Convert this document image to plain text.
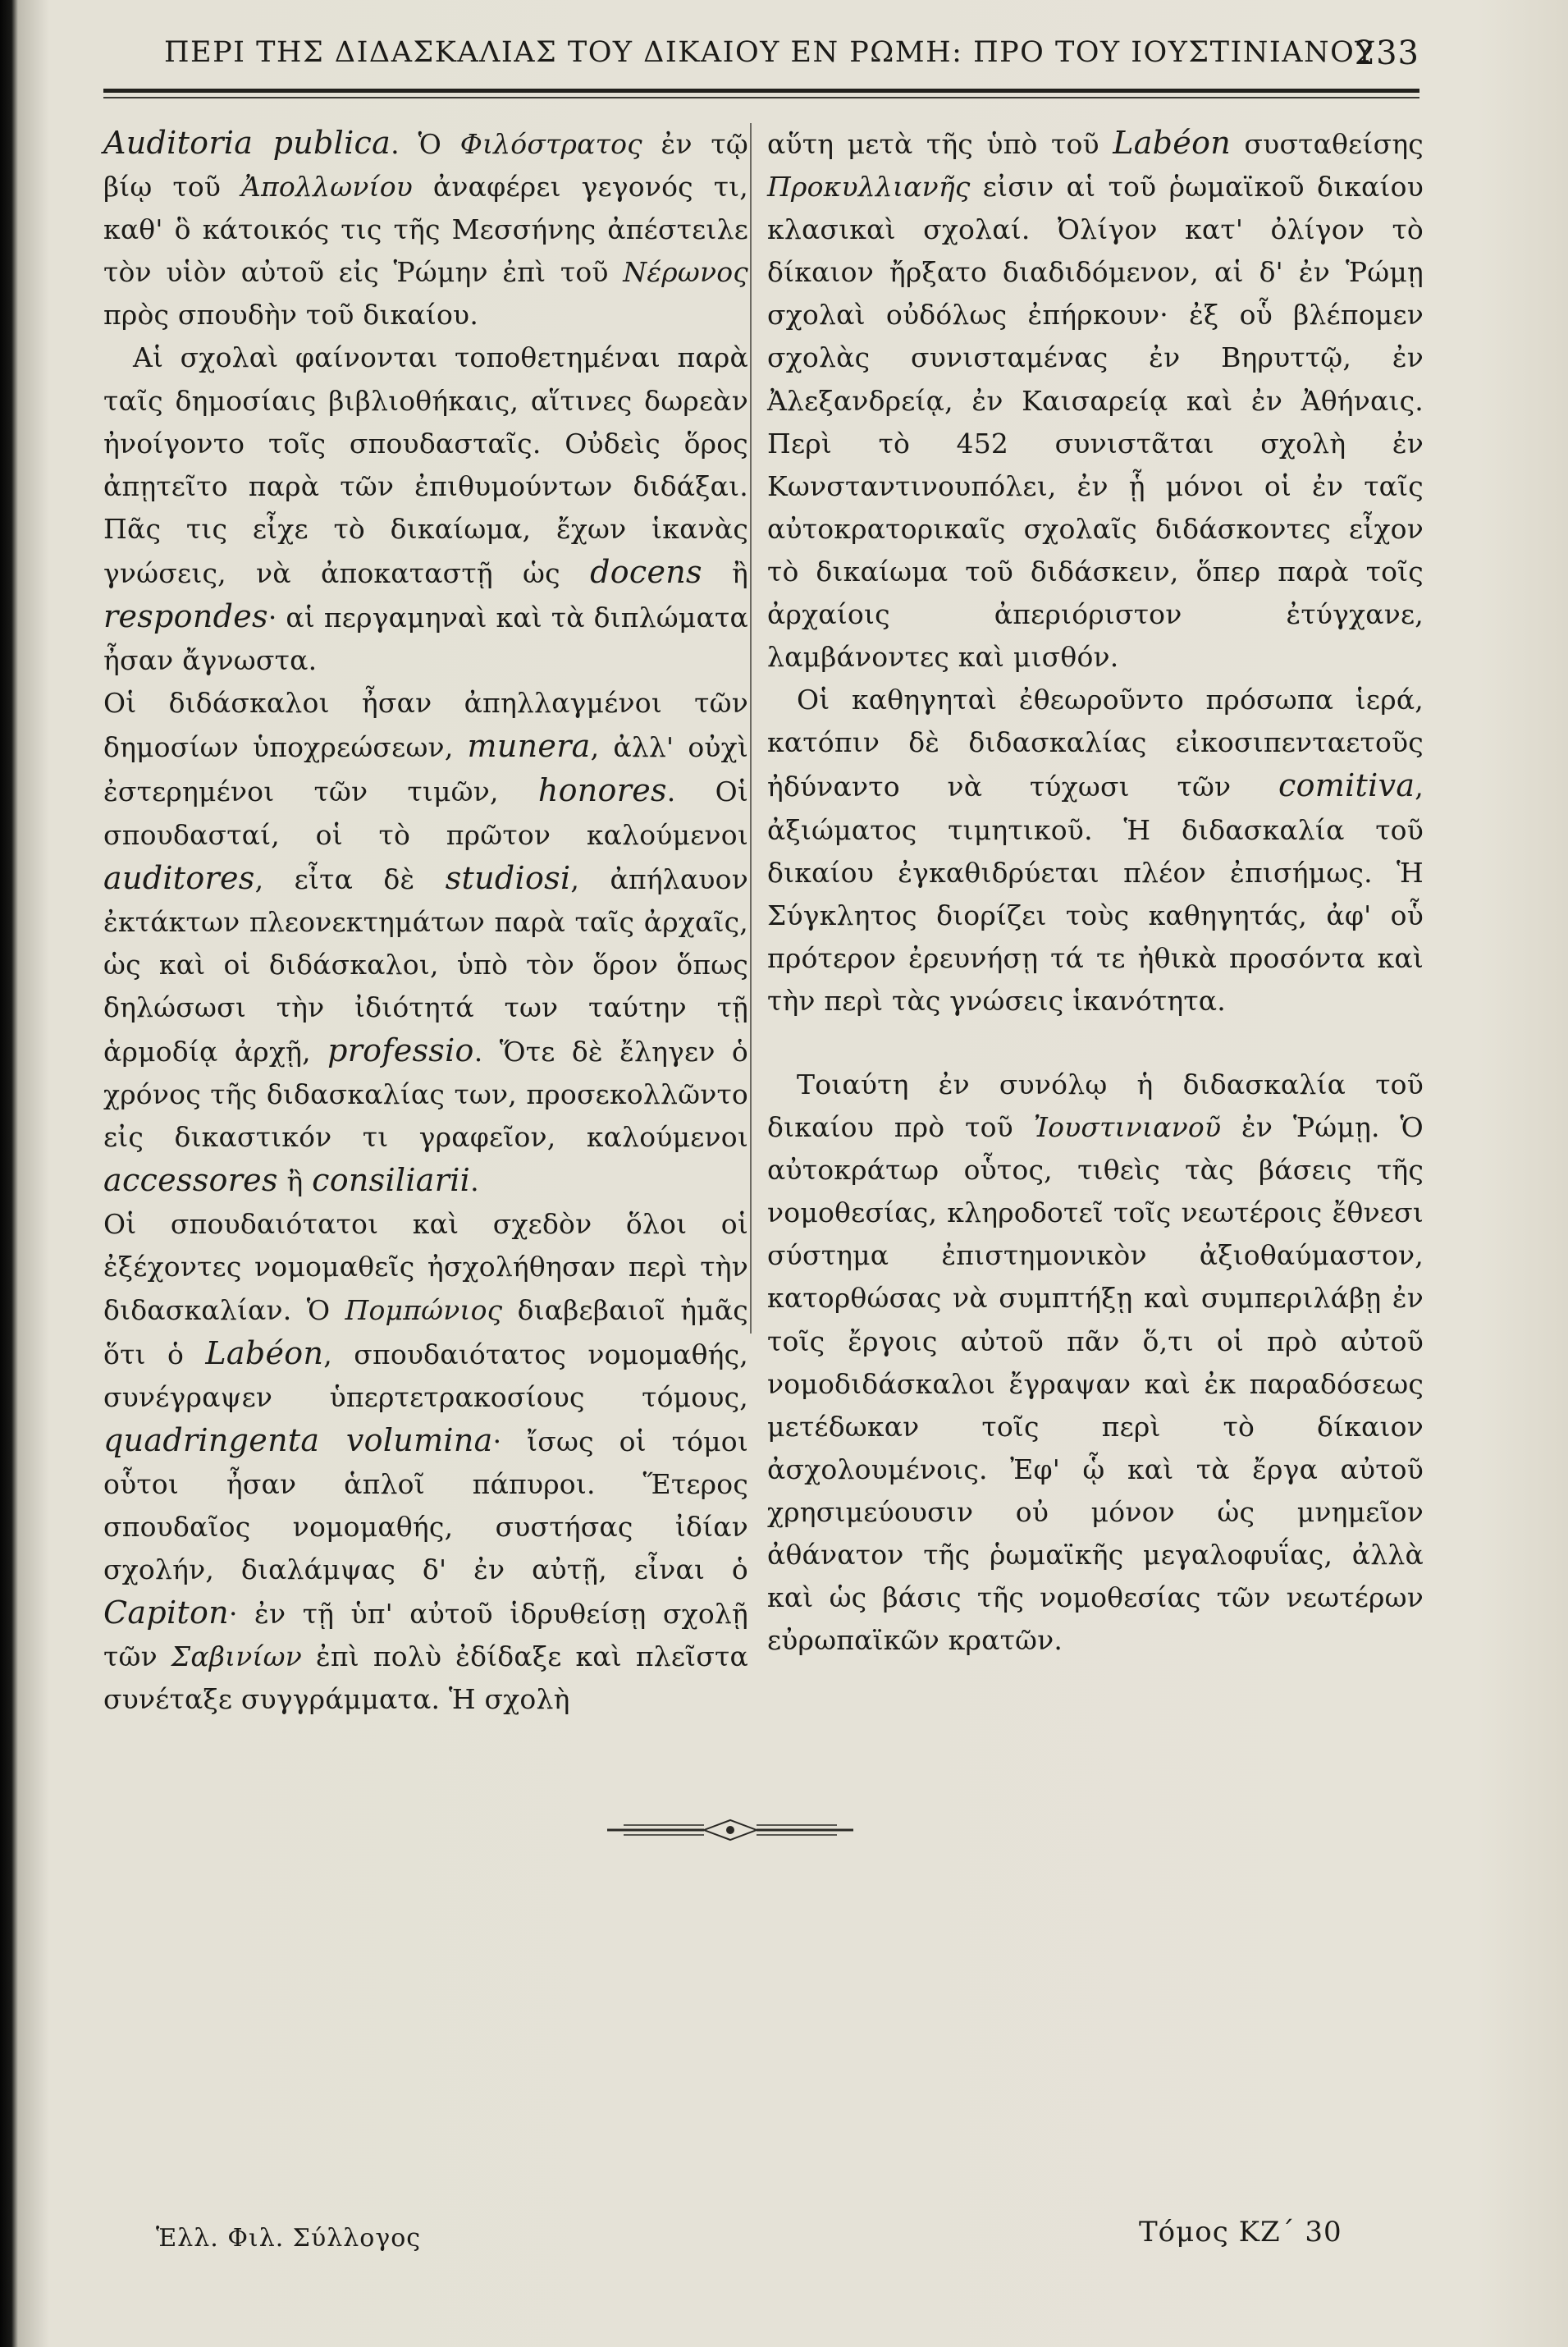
ΠΕΡΙ ΤΗΣ ΔΙΔΑΣΚΑΛΙΑΣ ΤΟΥ ΔΙΚΑΙΟΥ ΕΝ ΡΩΜΗ: ΠΡΟ ΤΟΥ ΙΟΥΣΤΙΝΙΑΝΟΥ
233

Auditoria publica. Ὁ Φιλόστρατος ἐν τῷ βίῳ τοῦ Ἀπολλωνίου ἀναφέρει γεγονός τι, καθ' ὃ κάτοικός τις τῆς Μεσσήνης ἀπέστειλε τὸν υἱὸν αὐτοῦ εἰς Ῥώμην ἐπὶ τοῦ Νέρωνος πρὸς σπουδὴν τοῦ δικαίου.

Αἱ σχολαὶ φαίνονται τοποθετημέναι παρὰ ταῖς δημοσίαις βιβλιοθήκαις, αἵτινες δωρεὰν ἠνοίγοντο τοῖς σπουδασταῖς. Οὐδεὶς ὅρος ἀπῃτεῖτο παρὰ τῶν ἐπιθυμούντων διδάξαι. Πᾶς τις εἶχε τὸ δικαίωμα, ἔχων ἱκανὰς γνώσεις, νὰ ἀποκαταστῇ ὡς docens ἢ respondes· αἱ περγαμηναὶ καὶ τὰ διπλώματα ἦσαν ἄγνωστα.

Οἱ διδάσκαλοι ἦσαν ἀπηλλαγμένοι τῶν δημοσίων ὑποχρεώσεων, munera, ἀλλ' οὐχὶ ἐστερημένοι τῶν τιμῶν, honores. Οἱ σπουδασταί, οἱ τὸ πρῶτον καλούμενοι auditores, εἶτα δὲ studiosi, ἀπήλαυον ἐκτάκτων πλεονεκτημάτων παρὰ ταῖς ἀρχαῖς, ὡς καὶ οἱ διδάσκαλοι, ὑπὸ τὸν ὅρον ὅπως δηλώσωσι τὴν ἰδιότητά των ταύτην τῇ ἁρμοδίᾳ ἀρχῇ, professio. Ὅτε δὲ ἔληγεν ὁ χρόνος τῆς διδασκαλίας των, προσεκολλῶντο εἰς δικαστικόν τι γραφεῖον, καλούμενοι accessores ἢ consiliarii.

Οἱ σπουδαιότατοι καὶ σχεδὸν ὅλοι οἱ ἐξέχοντες νομομαθεῖς ἠσχολήθησαν περὶ τὴν διδασκαλίαν. Ὁ Πομπώνιος διαβεβαιοῖ ἡμᾶς ὅτι ὁ Labéon, σπουδαιότατος νομομαθής, συνέγραψεν ὑπερτετρακοσίους τόμους, quadringenta volumina· ἴσως οἱ τόμοι οὗτοι ἦσαν ἁπλοῖ πάπυροι. Ἕτερος σπουδαῖος νομομαθής, συστήσας ἰδίαν σχολήν, διαλάμψας δ' ἐν αὐτῇ, εἶναι ὁ Capiton· ἐν τῇ ὑπ' αὐτοῦ ἱδρυθείσῃ σχολῇ τῶν Σαβινίων ἐπὶ πολὺ ἐδίδαξε καὶ πλεῖστα συνέταξε συγγράμματα. Ἡ σχολὴ

αὕτη μετὰ τῆς ὑπὸ τοῦ Labéon συσταθείσης Προκυλλιανῆς εἰσιν αἱ τοῦ ῥωμαϊκοῦ δικαίου κλασικαὶ σχολαί. Ὀλίγον κατ' ὀλίγον τὸ δίκαιον ἤρξατο διαδιδόμενον, αἱ δ' ἐν Ῥώμῃ σχολαὶ οὐδόλως ἐπήρκουν· ἐξ οὗ βλέπομεν σχολὰς συνισταμένας ἐν Βηρυττῷ, ἐν Ἀλεξανδρείᾳ, ἐν Καισαρείᾳ καὶ ἐν Ἀθήναις. Περὶ τὸ 452 συνιστᾶται σχολὴ ἐν Κωνσταντινουπόλει, ἐν ᾗ μόνοι οἱ ἐν ταῖς αὐτοκρατορικαῖς σχολαῖς διδάσκοντες εἶχον τὸ δικαίωμα τοῦ διδάσκειν, ὅπερ παρὰ τοῖς ἀρχαίοις ἀπεριόριστον ἐτύγχανε, λαμβάνοντες καὶ μισθόν.

Οἱ καθηγηταὶ ἐθεωροῦντο πρόσωπα ἱερά, κατόπιν δὲ διδασκαλίας εἰκοσιπενταετοῦς ἠδύναντο νὰ τύχωσι τῶν comitiva, ἀξιώματος τιμητικοῦ. Ἡ διδασκαλία τοῦ δικαίου ἐγκαθιδρύεται πλέον ἐπισήμως. Ἡ Σύγκλητος διορίζει τοὺς καθηγητάς, ἀφ' οὗ πρότερον ἐρευνήσῃ τά τε ἠθικὰ προσόντα καὶ τὴν περὶ τὰς γνώσεις ἱκανότητα.

Τοιαύτη ἐν συνόλῳ ἡ διδασκαλία τοῦ δικαίου πρὸ τοῦ Ἰουστινιανοῦ ἐν Ῥώμῃ. Ὁ αὐτοκράτωρ οὗτος, τιθεὶς τὰς βάσεις τῆς νομοθεσίας, κληροδοτεῖ τοῖς νεωτέροις ἔθνεσι σύστημα ἐπιστημονικὸν ἀξιοθαύμαστον, κατορθώσας νὰ συμπτήξῃ καὶ συμπεριλάβῃ ἐν τοῖς ἔργοις αὐτοῦ πᾶν ὅ,τι οἱ πρὸ αὐτοῦ νομοδιδάσκαλοι ἔγραψαν καὶ ἐκ παραδόσεως μετέδωκαν τοῖς περὶ τὸ δίκαιον ἀσχολουμένοις. Ἐφ' ᾧ καὶ τὰ ἔργα αὐτοῦ χρησιμεύουσιν οὐ μόνον ὡς μνημεῖον ἀθάνατον τῆς ῥωμαϊκῆς μεγαλοφυΐας, ἀλλὰ καὶ ὡς βάσις τῆς νομοθεσίας τῶν νεωτέρων εὐρωπαϊκῶν κρατῶν.

Ἑλλ. Φιλ. Σύλλογος	Τόμος ΚΖ΄ 30
